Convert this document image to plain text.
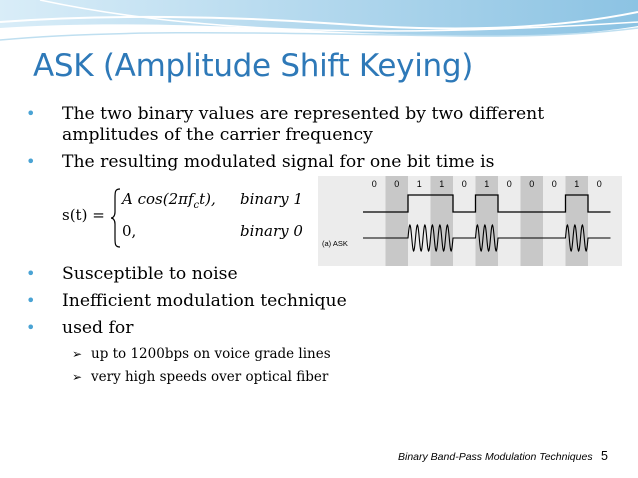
ASK (Amplitude Shift Keying)
• The two binary values are represented by two different
amplitudes of the carrier frequency
• The resulting modulated signal for one bit time is
• Susceptible to noise
• Inefficient modulation technique
• used for
➢ up to 1200bps on voice grade lines
➢ very high speeds over optical fiber
s(t) =
A $\cos(2\pi f_ct)$, binary 1
0,	binary 0
0 0 1 1 0 1 0 0 0 1 0
(a) ASK
Binary Band-Pass Modulation Techniques 5
